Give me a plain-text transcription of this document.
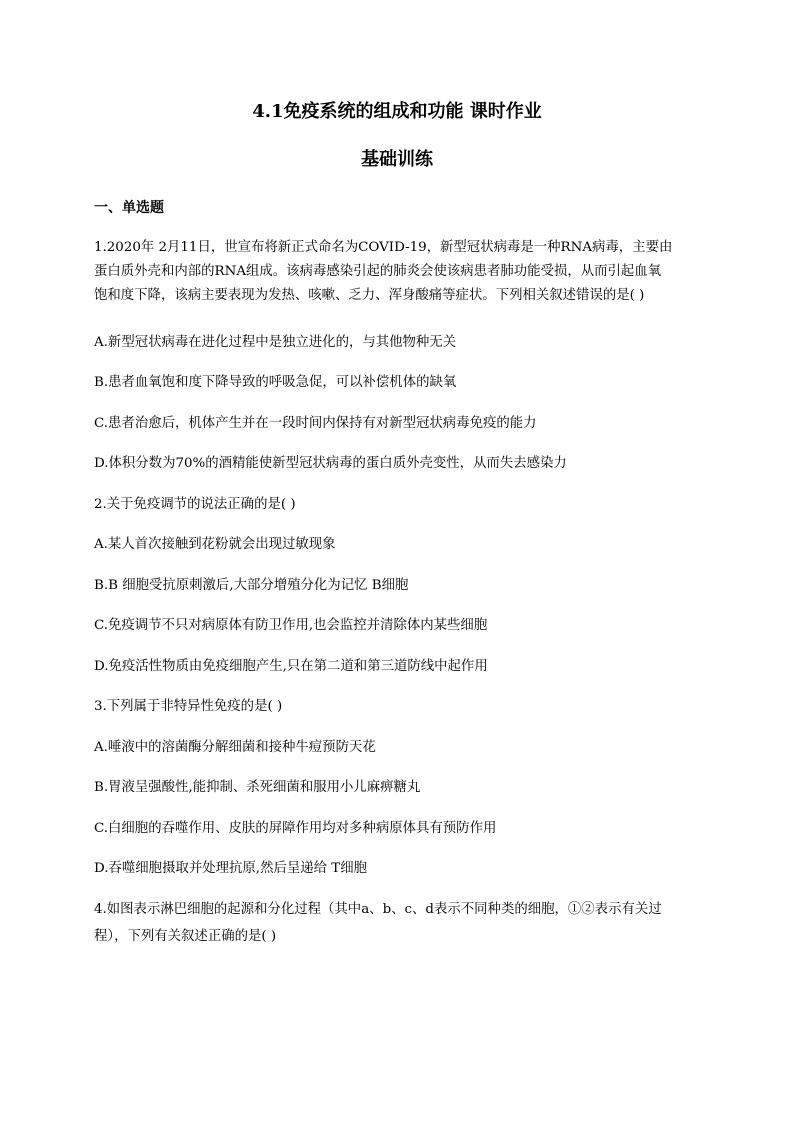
4.1免疫系统的组成和功能 课时作业
基础训练
一、单选题
1.2020年 2月11日，世宣布将新正式命名为COVID-19，新型冠状病毒是一种RNA病毒，主要由
蛋白质外壳和内部的RNA组成。该病毒感染引起的肺炎会使该病患者肺功能受损，从而引起血氧
饱和度下降，该病主要表现为发热、咳嗽、乏力、浑身酸痛等症状。下列相关叙述错误的是( )
A.新型冠状病毒在进化过程中是独立进化的，与其他物种无关
B.患者血氧饱和度下降导致的呼吸急促，可以补偿机体的缺氧
C.患者治愈后，机体产生并在一段时间内保持有对新型冠状病毒免疫的能力
D.体积分数为70%的酒精能使新型冠状病毒的蛋白质外壳变性，从而失去感染力
2.关于免疫调节的说法正确的是( )
A.某人首次接触到花粉就会出现过敏现象
B.B 细胞受抗原刺激后,大部分增殖分化为记忆 B细胞
C.免疫调节不只对病原体有防卫作用,也会监控并清除体内某些细胞
D.免疫活性物质由免疫细胞产生,只在第二道和第三道防线中起作用
3.下列属于非特异性免疫的是( )
A.唾液中的溶菌酶分解细菌和接种牛痘预防天花
B.胃液呈强酸性,能抑制、杀死细菌和服用小儿麻痹糖丸
C.白细胞的吞噬作用、皮肤的屏障作用均对多种病原体具有预防作用
D.吞噬细胞摄取并处理抗原,然后呈递给 T细胞
4.如图表示淋巴细胞的起源和分化过程（其中a、b、c、d表示不同种类的细胞，①②表示有关过
程），下列有关叙述正确的是( )
